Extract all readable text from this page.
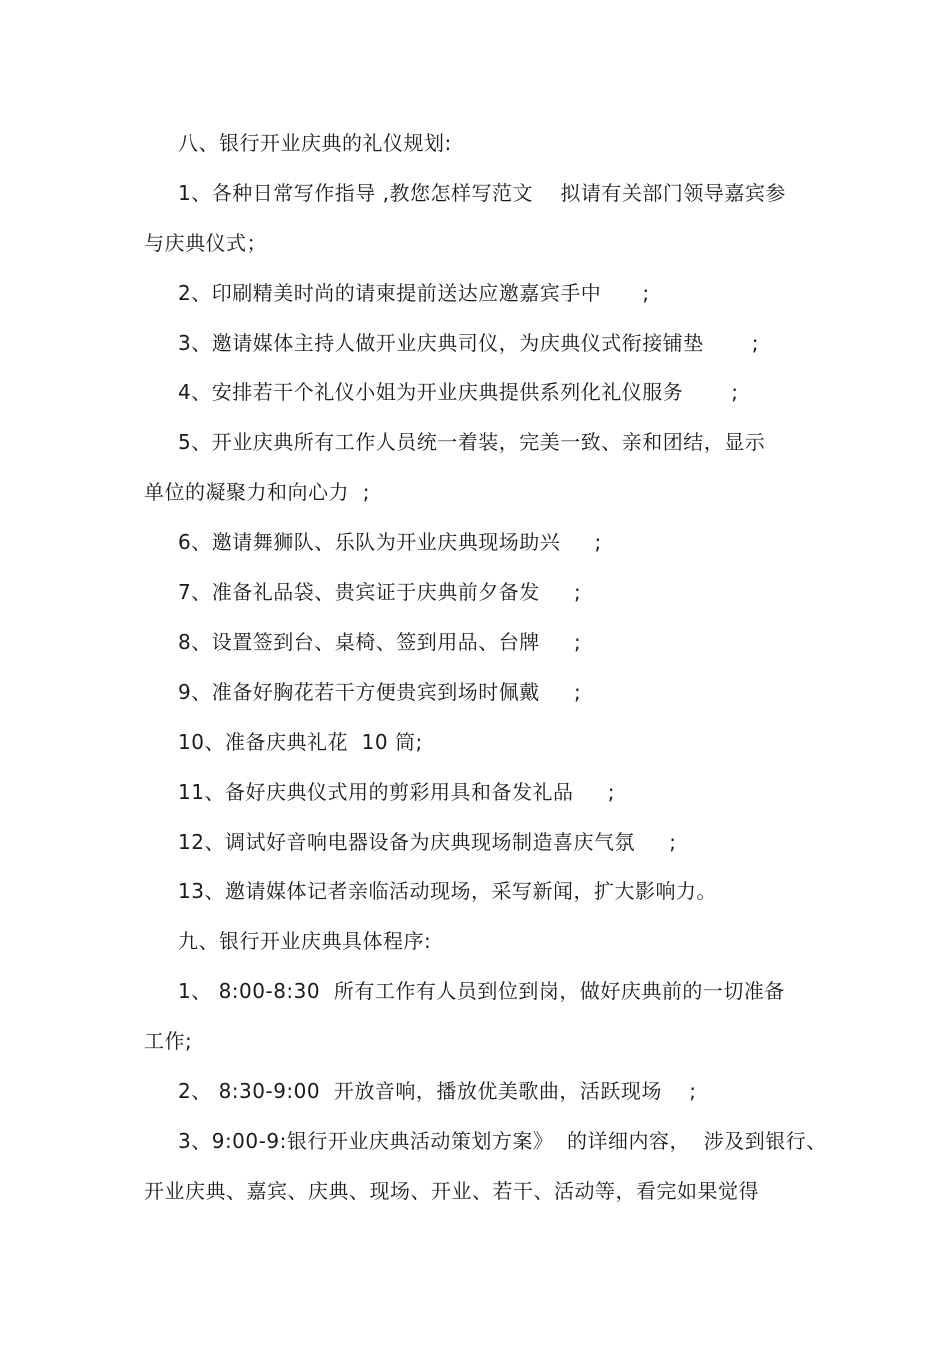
八、银行开业庆典的礼仪规划:
1、各种日常写作指导 ,教您怎样写范文    拟请有关部门领导嘉宾参
与庆典仪式；
2、印刷精美时尚的请柬提前送达应邀嘉宾手中      ;
3、邀请媒体主持人做开业庆典司仪，为庆典仪式衔接铺垫       ;
4、安排若干个礼仪小姐为开业庆典提供系列化礼仪服务       ;
5、开业庆典所有工作人员统一着装，完美一致、亲和团结，显示
单位的凝聚力和向心力  ;
6、邀请舞狮队、乐队为开业庆典现场助兴     ;
7、准备礼品袋、贵宾证于庆典前夕备发     ;
8、设置签到台、桌椅、签到用品、台牌     ;
9、准备好胸花若干方便贵宾到场时佩戴     ;
10、准备庆典礼花  10 筒;
11、备好庆典仪式用的剪彩用具和备发礼品     ;
12、调试好音响电器设备为庆典现场制造喜庆气氛     ;
13、邀请媒体记者亲临活动现场，采写新闻，扩大影响力。
九、银行开业庆典具体程序:
1、 8:00-8:30  所有工作有人员到位到岗，做好庆典前的一切准备
工作;
2、 8:30-9:00  开放音响，播放优美歌曲，活跃现场    ;
3、9:00-9:银行开业庆典活动策划方案》  的详细内容，  涉及到银行、
开业庆典、嘉宾、庆典、现场、开业、若干、活动等，看完如果觉得
